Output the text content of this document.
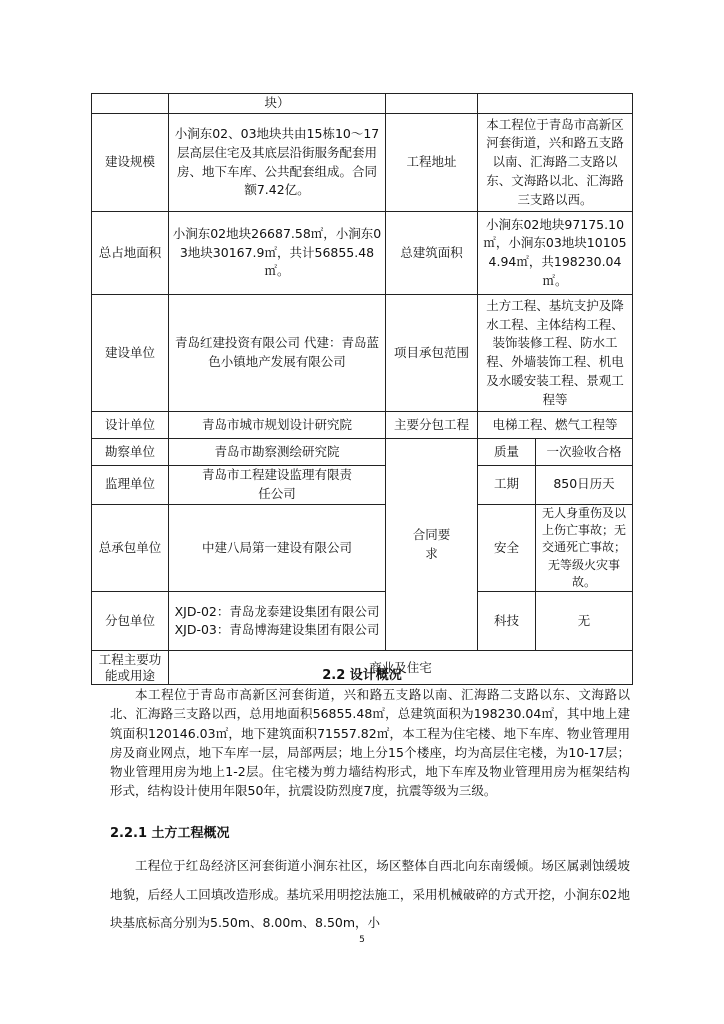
	块）			
建设规模	小涧东02、03地块共由15栋10～17层高层住宅及其底层沿街服务配套用房、地下车库、公共配套组成。合同额7.42亿。	工程地址	本工程位于青岛市高新区河套街道，兴和路五支路以南、汇海路二支路以东、文海路以北、汇海路三支路以西。	
总占地面积	小涧东02地块26687.58㎡，小涧东03地块30167.9㎡，共计56855.48㎡。	总建筑面积	小涧东02地块97175.10㎡，小涧东03地块101054.94㎡，共198230.04㎡。	
建设单位	青岛红建投资有限公司 代建：青岛蓝色小镇地产发展有限公司	项目承包范围	土方工程、基坑支护及降水工程、主体结构工程、装饰装修工程、防水工程、外墙装饰工程、机电及水暖安装工程、景观工程等	
设计单位	青岛市城市规划设计研究院	主要分包工程	电梯工程、燃气工程等	
勘察单位	青岛市勘察测绘研究院	合同要求	质量	一次验收合格
监理单位	青岛市工程建设监理有限责任公司		工期	850日历天
总承包单位	中建八局第一建设有限公司		安全	无人身重伤及以上伤亡事故；无交通死亡事故；无等级火灾事故。
分包单位	XJD-02：青岛龙泰建设集团有限公司XJD-03：青岛博海建设集团有限公司		科技	无
工程主要功能或用途	商业及住宅			
2.2 设计概况
本工程位于青岛市高新区河套街道，兴和路五支路以南、汇海路二支路以东、文海路以北、汇海路三支路以西，总用地面积56855.48㎡，总建筑面积为198230.04㎡，其中地上建筑面积120146.03㎡，地下建筑面积71557.82㎡，本工程为住宅楼、地下车库、物业管理用房及商业网点，地下车库一层，局部两层；地上分15个楼座，均为高层住宅楼，为10-17层；物业管理用房为地上1-2层。住宅楼为剪力墙结构形式，地下车库及物业管理用房为框架结构形式，结构设计使用年限50年，抗震设防烈度7度，抗震等级为三级。
2.2.1 土方工程概况
工程位于红岛经济区河套街道小涧东社区，场区整体自西北向东南缓倾。场区属剥蚀缓坡地貌，后经人工回填改造形成。基坑采用明挖法施工，采用机械破碎的方式开挖，小涧东02地块基底标高分别为5.50m、8.00m、8.50m，小
5
